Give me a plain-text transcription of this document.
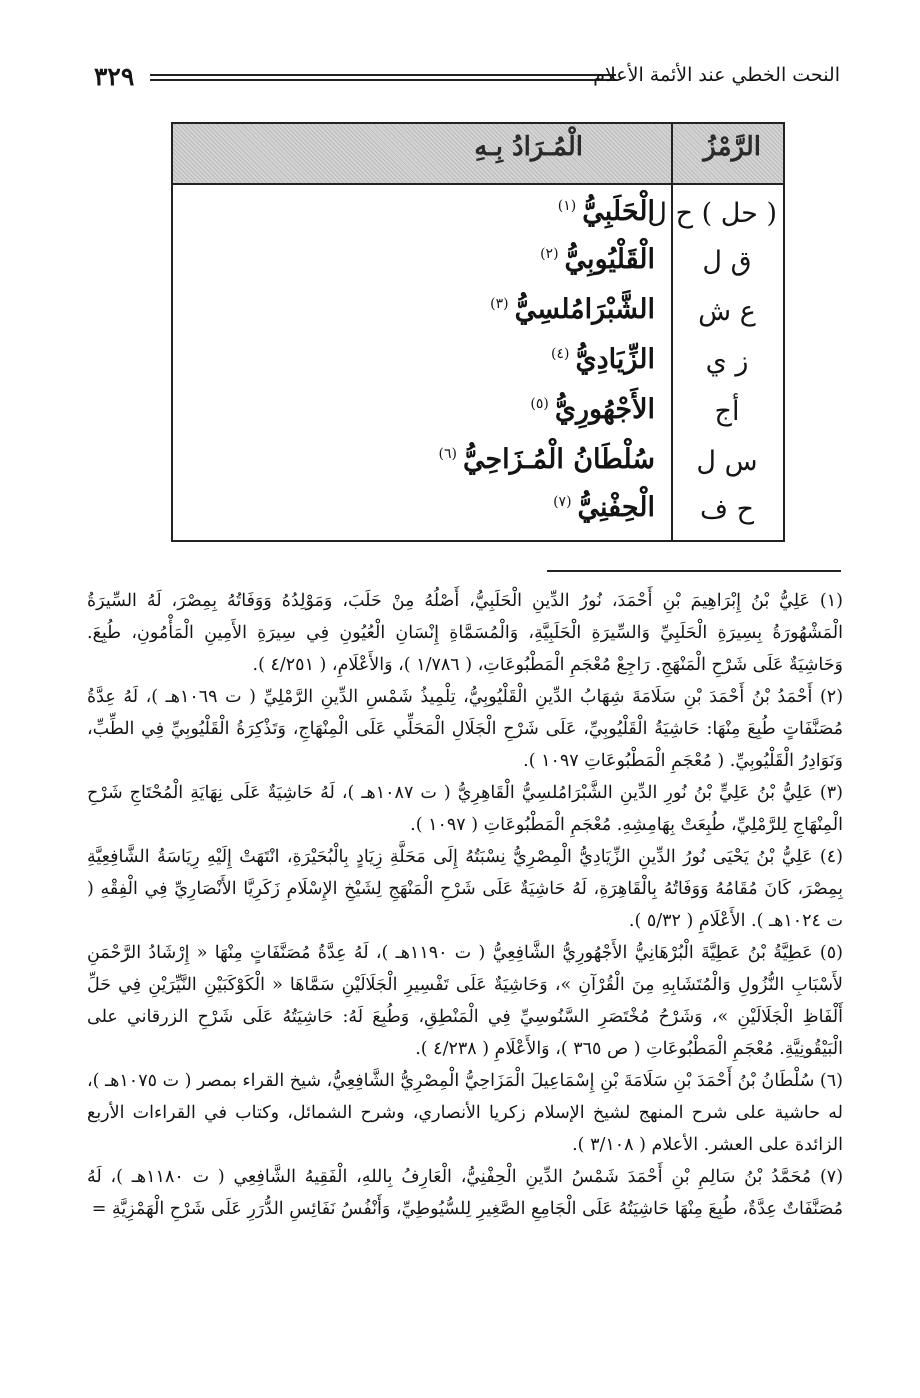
٣٢٩	النحت الخطي عند الأئمة الأعلام
الرَّمْزُ
الْمُـرَادُ بِـهِ
( حل ) ح ل
الْحَلَبِيُّ$^{(١)}$
ق ل
الْقَلْيُوبِيُّ$^{(٢)}$
ع ش
الشَّبْرَامُلسِيُّ$^{(٣)}$
ز ي
الزِّيَادِيُّ$^{(٤)}$
أج
الأَجْهُورِيُّ$^{(٥)}$
س ل
سُلْطَانُ الْمُـزَاحِيُّ$^{(٦)}$
ح ف
الْحِفْنِيُّ$^{(٧)}$

(١) عَلِيُّ بْنُ إِبْرَاهِيمَ بْنِ أَحْمَدَ، نُورُ الدِّينِ الْحَلَبِيُّ، أَصْلُهُ مِنْ حَلَبَ، وَمَوْلِدُهُ وَوَفَاتُهُ بِمِصْرَ، لَهُ السِّيرَةُ الْمَشْهُورَةُ بِسِيرَةِ الْحَلَبِيِّ وَالسِّيرَةِ الْحَلَبِيَّةِ، وَالْمُسَمَّاةِ إِنْسَانِ الْعُيُونِ فِي سِيرَةِ الأَمِينِ الْمَأْمُونِ، طُبِعَ. وَحَاشِيَةٌ عَلَى شَرْحِ الْمَنْهَجِ. رَاجِعْ مُعْجَمِ الْمَطْبُوعَاتِ، ( ١/٧٨٦ )، وَالأَعْلَامِ، ( ٤/٢٥١ ).

(٢) أَحْمَدُ بْنُ أَحْمَدَ بْنِ سَلَامَةَ شِهَابُ الدِّينِ الْقَلْيُوبِيُّ، تِلْمِيذُ شَمْسِ الدِّينِ الرَّمْلِيِّ ( ت ١٠٦٩هـ )، لَهُ عِدَّةُ مُصَنَّفَاتٍ طُبِعَ مِنْهَا: حَاشِيَةُ الْقَلْيُوبِيِّ، عَلَى شَرْحِ الْجَلَالِ الْمَحَلِّي عَلَى الْمِنْهَاجِ، وَتَذْكِرَةُ الْقَلْيُوبِيِّ فِي الطِّبِّ، وَنَوَادِرُ الْقَلْيُوبِيِّ. ( مُعْجَمِ الْمَطْبُوعَاتِ ١٠٩٧ ).

(٣) عَلِيُّ بْنُ عَلِيٍّ بْنُ نُورِ الدِّينِ الشَّبْرَامُلسِيُّ الْقَاهِرِيُّ ( ت ١٠٨٧هـ )، لَهُ حَاشِيَةٌ عَلَى نِهَايَةِ الْمُحْتَاجِ شَرْحِ الْمِنْهَاجِ لِلرَّمْلِيِّ، طُبِعَتْ بِهَامِشِهِ. مُعْجَمِ الْمَطْبُوعَاتِ ( ١٠٩٧ ).

(٤) عَلِيُّ بْنُ يَحْيَى نُورُ الدِّينِ الزِّيَادِيُّ الْمِصْرِيُّ نِسْبَتُهُ إِلَى مَحَلَّةِ زِيَادٍ بِالْبُحَيْرَةِ، انْتَهَتْ إِلَيْهِ رِيَاسَةُ الشَّافِعِيَّةِ بِمِصْرَ، كَانَ مُقَامُهُ وَوَفَاتُهُ بِالْقَاهِرَةِ، لَهُ حَاشِيَةٌ عَلَى شَرْحِ الْمَنْهَجِ لِشَيْخِ الإِسْلَامِ زَكَرِيَّا الأَنْصَارِيِّ فِي الْفِقْهِ ( ت ١٠٢٤هـ ). الأَعْلَامِ ( ٥/٣٢ ).

(٥) عَطِيَّةُ بْنُ عَطِيَّةَ الْبُرْهَانِيُّ الأَجْهُورِيُّ الشَّافِعِيُّ ( ت ١١٩٠هـ )، لَهُ عِدَّةُ مُصَنَّفَاتٍ مِنْهَا « إِرْشَادُ الرَّحْمَنِ لأَسْبَابِ النُّزُولِ وَالْمُتَشَابِهِ مِنَ الْقُرْآنِ »، وَحَاشِيَةٌ عَلَى تَفْسِيرِ الْجَلَالَيْنِ سَمَّاهَا « الْكَوْكَبَيْنِ النَّيِّرَيْنِ فِي حَلِّ أَلْفَاظِ الْجَلَالَيْنِ »، وَشَرْحُ مُخْتَصَرِ السَّنُوسِيِّ فِي الْمَنْطِقِ، وَطُبِعَ لَهُ: حَاشِيَتُهُ عَلَى شَرْحِ الزرقاني على الْبَيْقُونِيَّةِ. مُعْجَمِ الْمَطْبُوعَاتِ ( ص ٣٦٥ )، وَالأَعْلَامِ ( ٤/٢٣٨ ).

(٦) سُلْطَانُ بْنُ أَحْمَدَ بْنِ سَلَامَةَ بْنِ إِسْمَاعِيلَ الْمَزَاحِيُّ الْمِصْرِيُّ الشَّافِعِيُّ، شيخ القراء بمصر ( ت ١٠٧٥هـ )، له حاشية على شرح المنهج لشيخ الإسلام زكريا الأنصاري، وشرح الشمائل، وكتاب في القراءات الأربع الزائدة على العشر. الأعلام ( ٣/١٠٨ ).

(٧) مُحَمَّدُ بْنُ سَالِمِ بْنِ أَحْمَدَ شَمْسُ الدِّينِ الْحِفْنِيُّ، الْعَارِفُ بِاللهِ، الْفَقِيهُ الشَّافِعِي ( ت ١١٨٠هـ )، لَهُ مُصَنَّفَاتٌ عِدَّةٌ، طُبِعَ مِنْهَا حَاشِيَتُهُ عَلَى الْجَامِعِ الصَّغِيرِ لِلسُّيُوطِيِّ، وَأَنْفُسُ نَفَائِسِ الدُّرَرِ عَلَى شَرْحِ الْهَمْزِيَّةِ =
